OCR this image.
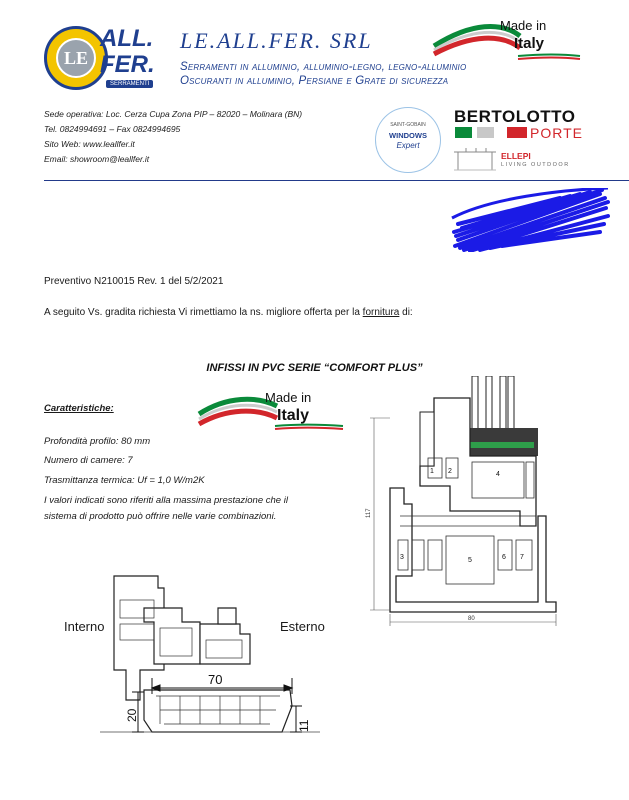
LE
ALL.
FER.
SERRAMENTI
LE.ALL.FER. SRL
Serramenti in alluminio, alluminio-legno, legno-alluminio
Oscuranti in alluminio, Persiane e Grate di sicurezza
Made in
Italy
Sede operativa: Loc. Cerza Cupa Zona PIP – 82020 – Molinara (BN)
Tel. 0824994691 – Fax 0824994695
Sito Web: www.leallfer.it
Email: showroom@leallfer.it
SAINT-GOBAIN
WINDOWS
Expert
BERTOLOTTO
PORTE
ELLEPI
LIVING OUTDOOR
Preventivo N210015 Rev. 1 del 5/2/2021
A seguito Vs. gradita richiesta Vi rimettiamo la ns. migliore offerta per la fornitura di:
INFISSI IN PVC SERIE “COMFORT PLUS”
Caratteristiche:
Profondità profilo: 80 mm
Numero di camere: 7
Trasmittanza termica: Uf = 1,0 W/m2K
I valori indicati sono riferiti alla massima prestazione che il
sistema di prodotto può offrire nelle varie combinazioni.
Made in
Italy
1 2
3
4
5	6 7
117
80
Interno	Esterno
70
20
11
